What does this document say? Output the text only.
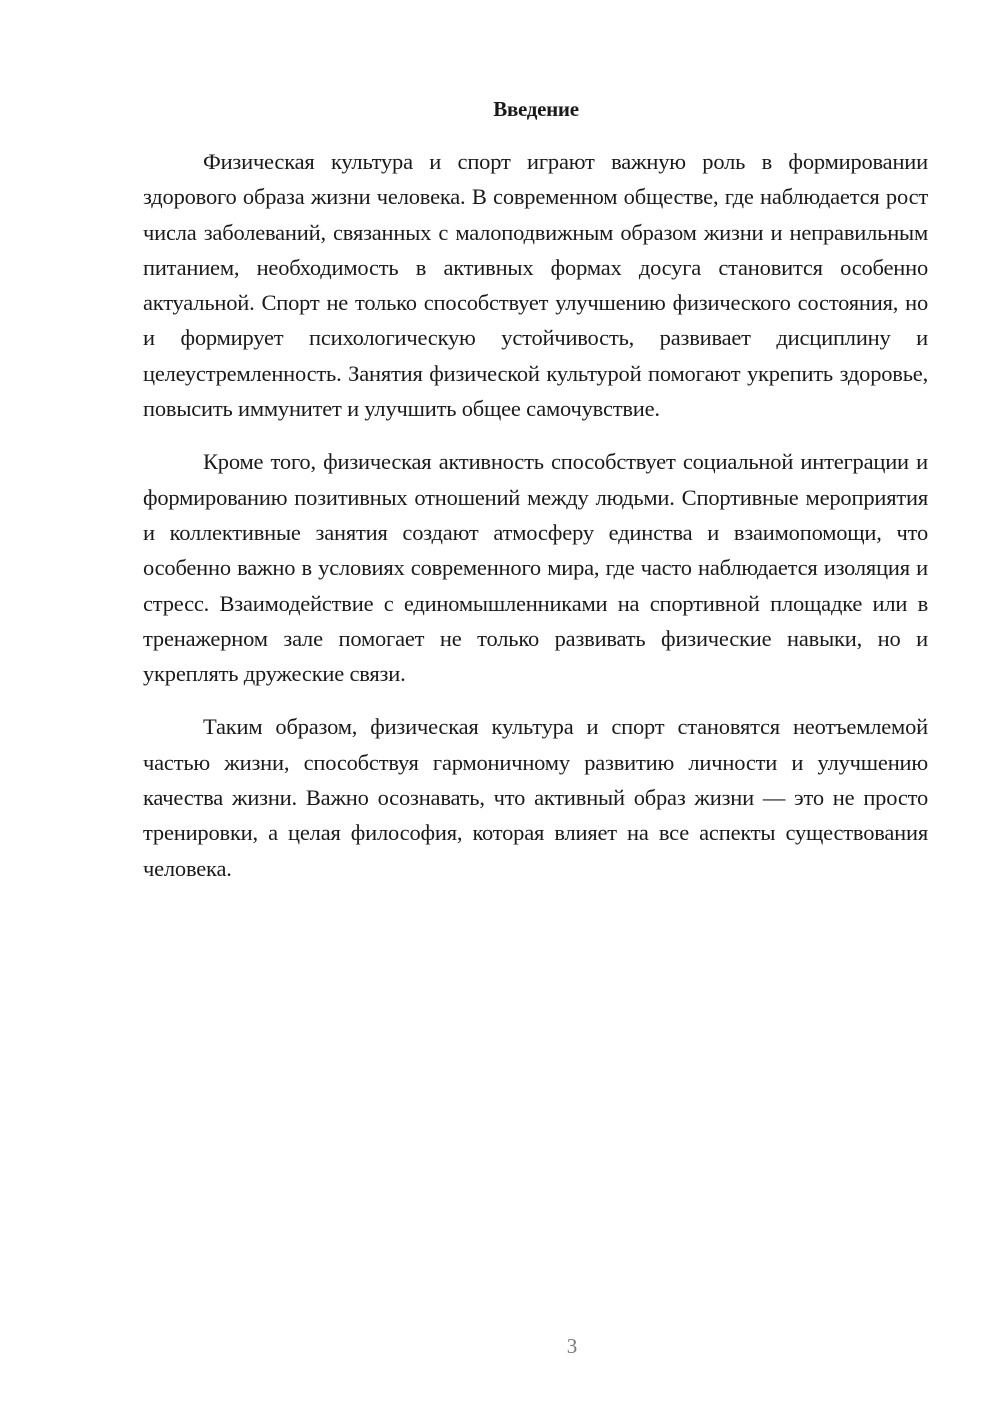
Введение

Физическая культура и спорт играют важную роль в формировании здорового образа жизни человека. В современном обществе, где наблюдается рост числа заболеваний, связанных с малоподвижным образом жизни и неправильным питанием, необходимость в активных формах досуга становится особенно актуальной. Спорт не только способствует улучшению физического состояния, но и формирует психологическую устойчивость, развивает дисциплину и целеустремленность. Занятия физической культурой помогают укрепить здоровье, повысить иммунитет и улучшить общее самочувствие.

Кроме того, физическая активность способствует социальной интеграции и формированию позитивных отношений между людьми. Спортивные мероприятия и коллективные занятия создают атмосферу единства и взаимопомощи, что особенно важно в условиях современного мира, где часто наблюдается изоляция и стресс. Взаимодействие с единомышленниками на спортивной площадке или в тренажерном зале помогает не только развивать физические навыки, но и укреплять дружеские связи.

Таким образом, физическая культура и спорт становятся неотъемлемой частью жизни, способствуя гармоничному развитию личности и улучшению качества жизни. Важно осознавать, что активный образ жизни — это не просто тренировки, а целая философия, которая влияет на все аспекты существования человека.

3
